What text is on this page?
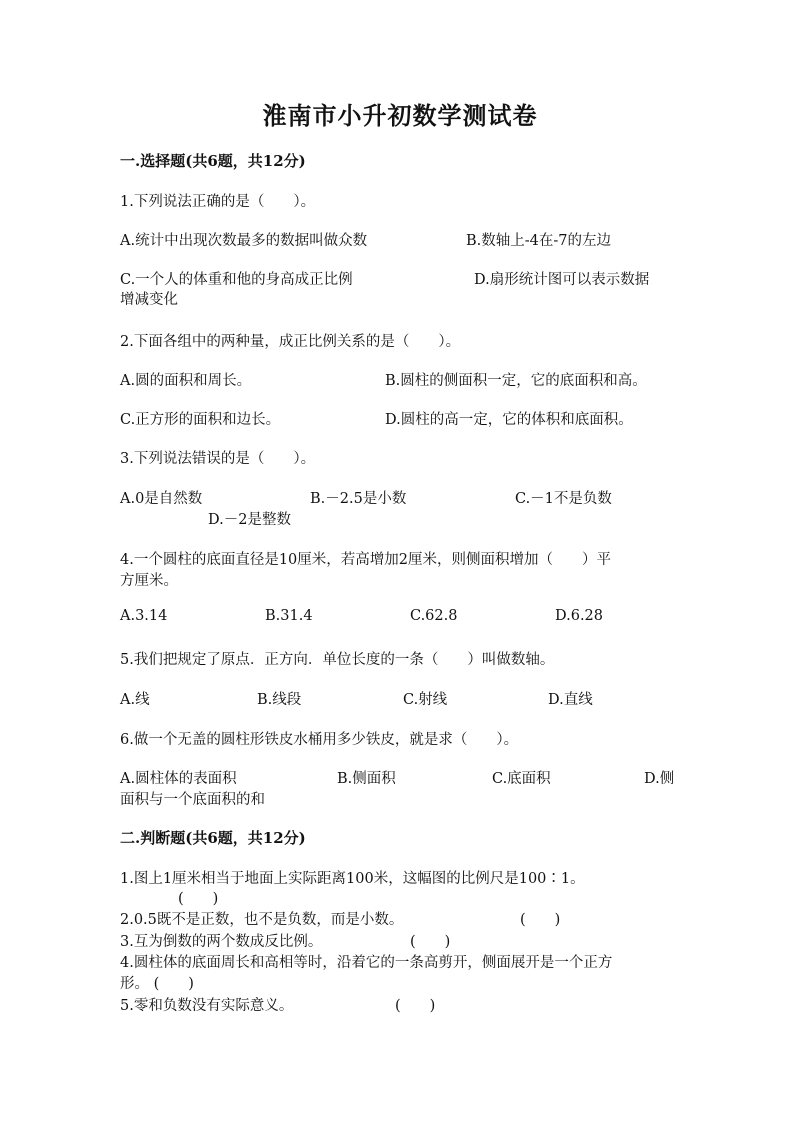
淮南市小升初数学测试卷
一.选择题(共6题，共12分)
1.下列说法正确的是（　　）。
A.统计中出现次数最多的数据叫做众数	B.数轴上-4在-7的左边
C.一个人的体重和他的身高成正比例	D.扇形统计图可以表示数据
增减变化
2.下面各组中的两种量，成正比例关系的是（　　）。
A.圆的面积和周长。	B.圆柱的侧面积一定，它的底面积和高。
C.正方形的面积和边长。	D.圆柱的高一定，它的体积和底面积。
3.下列说法错误的是（　　）。
A.0是自然数	B.－2.5是小数	C.－1不是负数
D.－2是整数
4.一个圆柱的底面直径是10厘米，若高增加2厘米，则侧面积增加（　　）平
方厘米。
A.3.14	B.31.4	C.62.8	D.6.28
5.我们把规定了原点．正方向．单位长度的一条（　　）叫做数轴。
A.线	B.线段	C.射线	D.直线
6.做一个无盖的圆柱形铁皮水桶用多少铁皮，就是求（　　）。
A.圆柱体的表面积	B.侧面积	C.底面积	D.侧
面积与一个底面积的和
二.判断题(共6题，共12分)
1.图上1厘米相当于地面上实际距离100米，这幅图的比例尺是100∶1。
(　　)
2.0.5既不是正数，也不是负数，而是小数。	(　　)
3.互为倒数的两个数成反比例。	(　　)
4.圆柱体的底面周长和高相等时，沿着它的一条高剪开，侧面展开是一个正方
形。 (　　)
5.零和负数没有实际意义。	(　　)
